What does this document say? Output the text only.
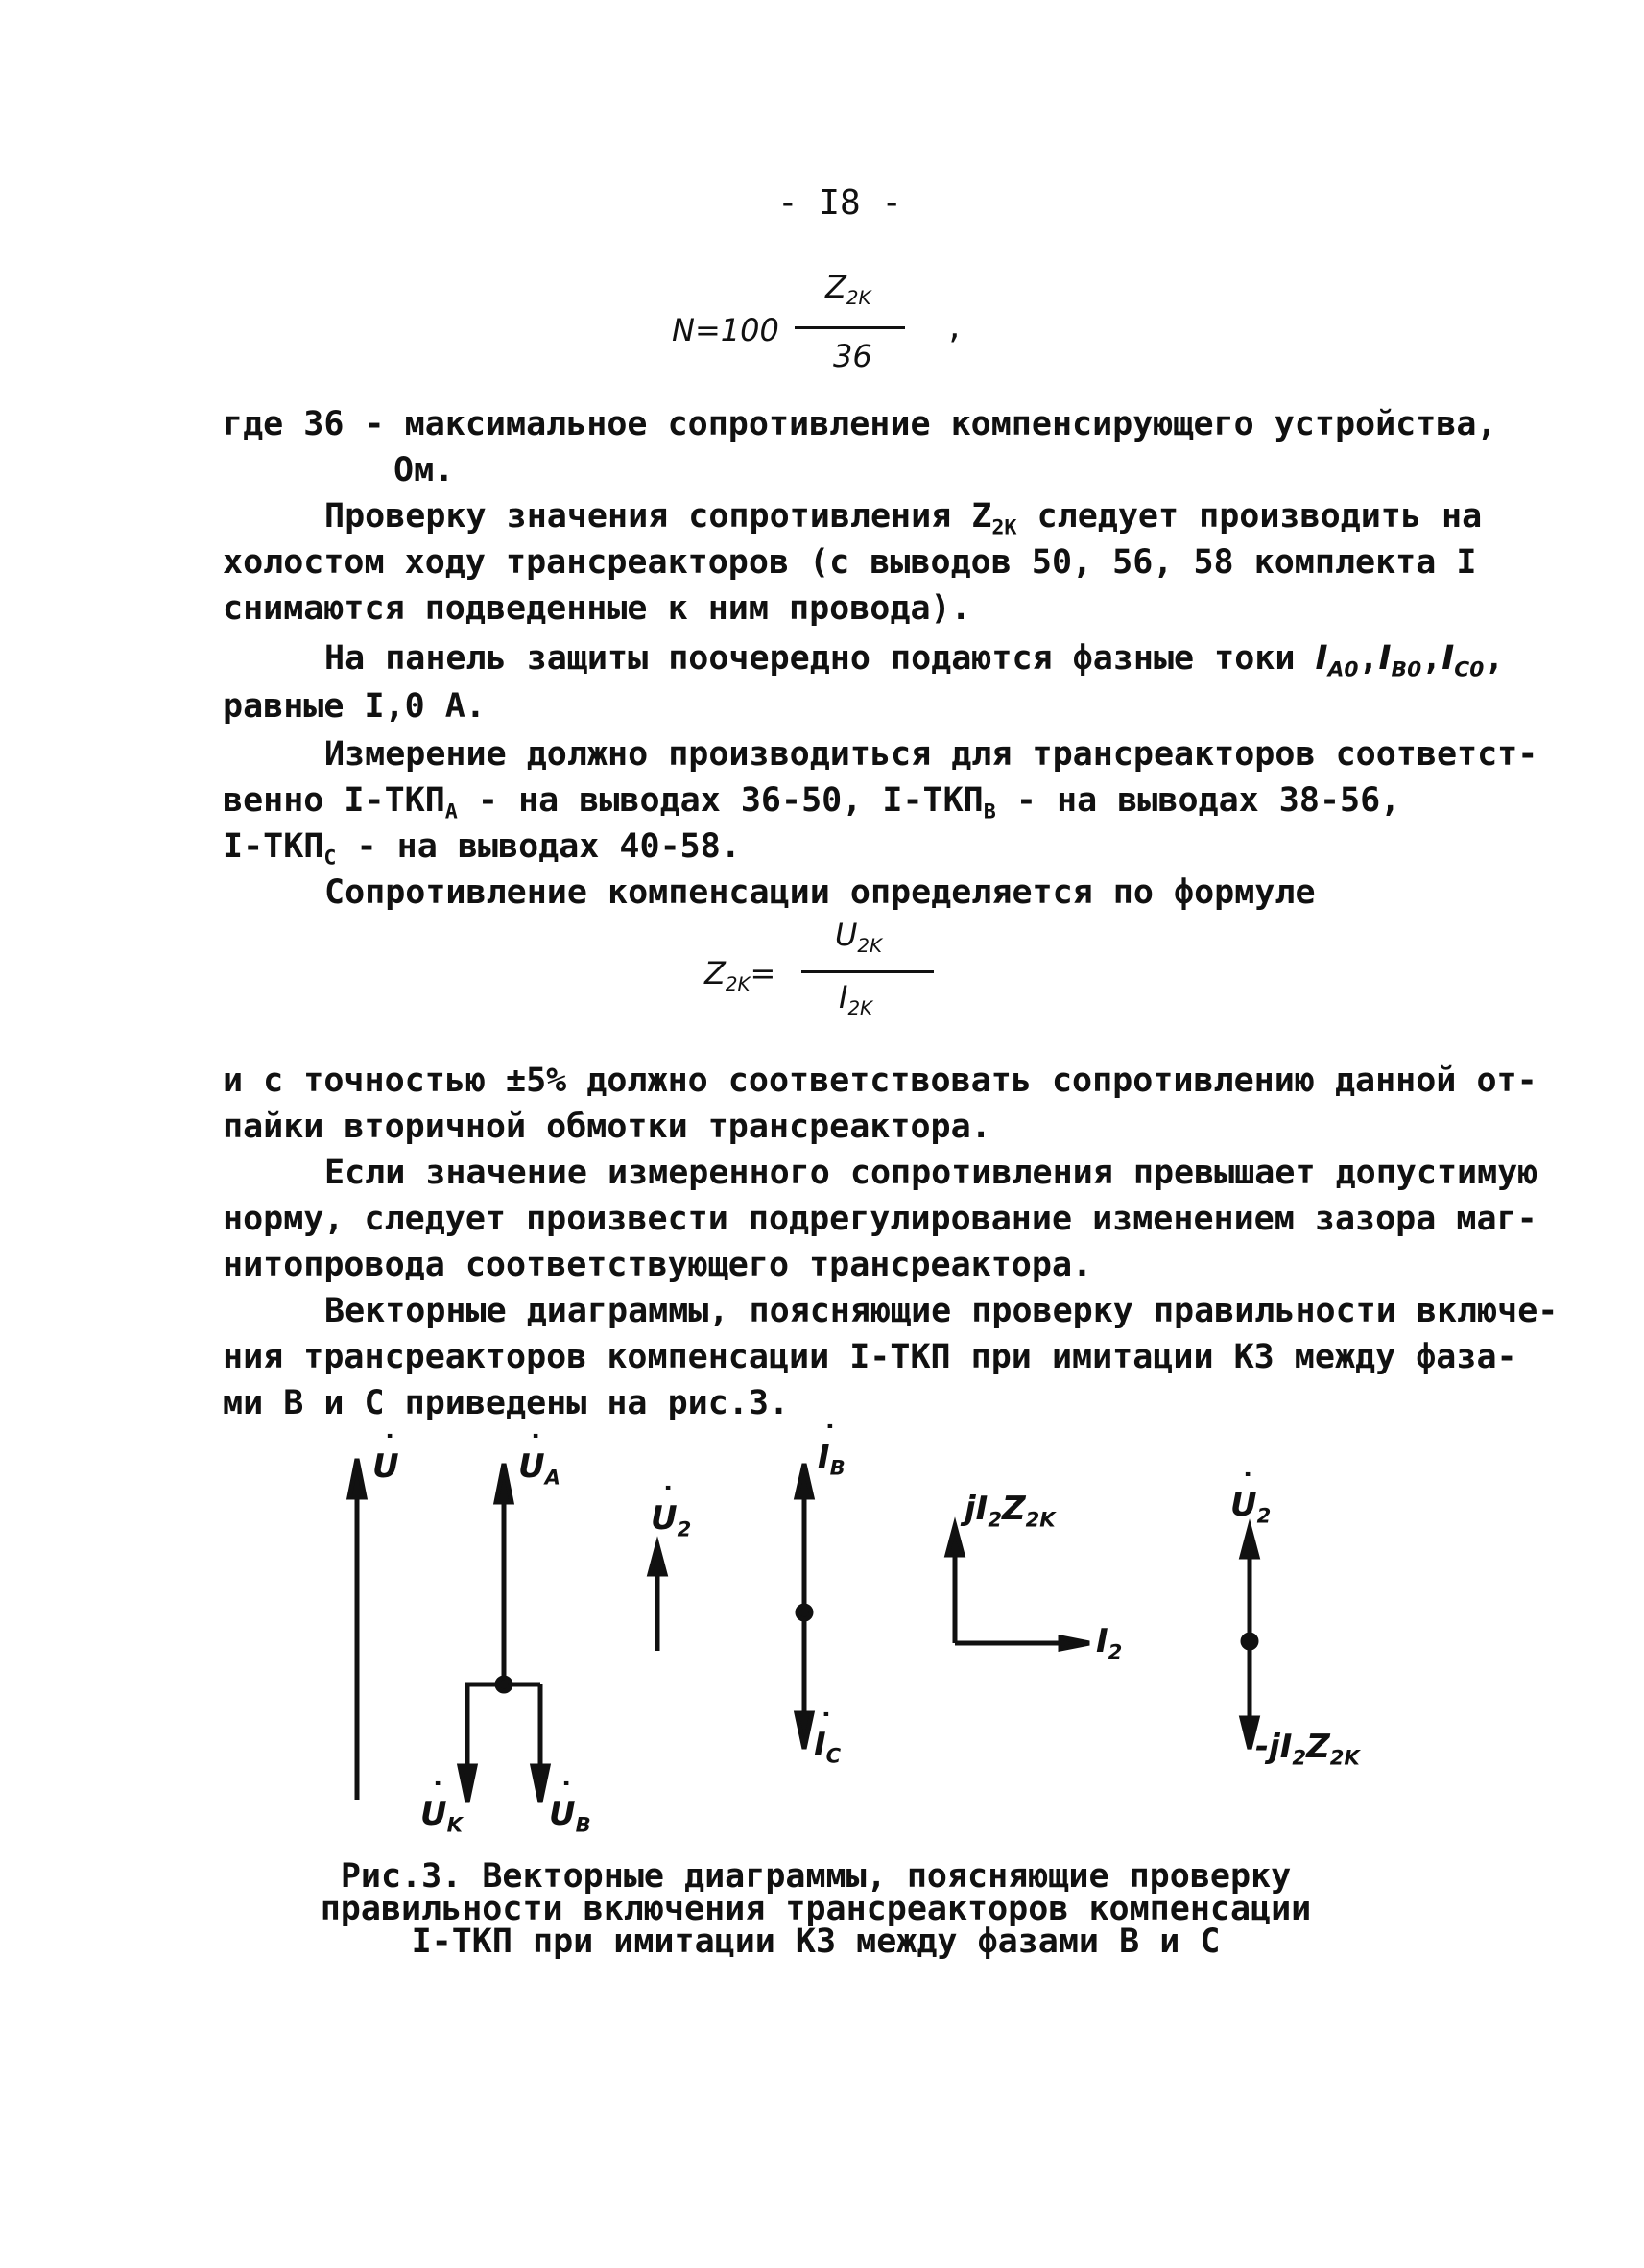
- I8 -
N=100
$Z_{2K}$
36
,
где 36 - максимальное сопротивление компенсирующего устройства,
Ом.
Проверку значения сопротивления $Z_{2K}$ следует производить на
холостом ходу трансреакторов (с выводов 50, 56, 58 комплекта I
снимаются подведенные к ним провода).
На панель защиты поочередно подаются фазные токи $I_{A0},I_{B0},I_{C0}$,
равные I,0 А.
Измерение должно производиться для трансреакторов соответст-
венно $I-ТКП_A$ - на выводах 36-50, $I-ТКП_B$ - на выводах 38-56,
$I-ТКП_C$ - на выводах 40-58.
Сопротивление компенсации определяется по формуле
$Z_{2K}=$
$U_{2K}$
$I_{2K}$
и с точностью ±5% должно соответствовать сопротивлению данной от-
пайки вторичной обмотки трансреактора.
Если значение измеренного сопротивления превышает допустимую
норму, следует произвести подрегулирование изменением зазора маг-
нитопровода соответствующего трансреактора.
Векторные диаграммы, поясняющие проверку правильности включе-
ния трансреакторов компенсации I-ТКП при имитации КЗ между фаза-
ми В и С приведены на рис.3.
˙ U	˙ $U_A$
˙ $U_2$
˙ $I_B$
˙ $I_C$
˙ $U_K$	˙ $U_B$
$jI_2Z_{2K}$
$I_2$
˙ $U_2$
$-jI_2Z_{2K}$
Рис.3. Векторные диаграммы, поясняющие проверку
правильности включения трансреакторов компенсации
I-ТКП при имитации КЗ между фазами В и С
